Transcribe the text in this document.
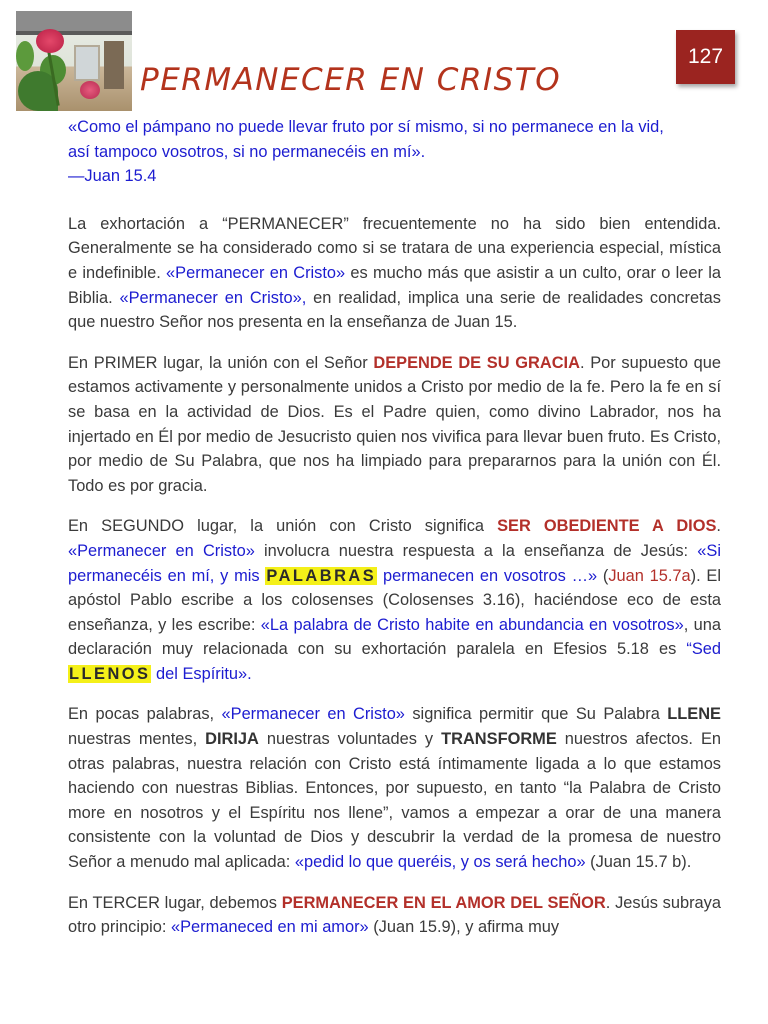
127
PERMANECER EN CRISTO

«Como el pámpano no puede llevar fruto por sí mismo, si no permanece en la vid,
así tampoco vosotros, si no permanecéis en mí».
—Juan 15.4

La exhortación a “PERMANECER” frecuentemente no ha sido bien entendida. Generalmente se ha considerado como si se tratara de una experiencia especial, mística e indefinible. «Permanecer en Cristo» es mucho más que asistir a un culto, orar o leer la Biblia. «Permanecer en Cristo», en realidad, implica una serie de realidades concretas que nuestro Señor nos presenta en la enseñanza de Juan 15.

En PRIMER lugar, la unión con el Señor DEPENDE DE SU GRACIA. Por supuesto que estamos activamente y personalmente unidos a Cristo por medio de la fe. Pero la fe en sí se basa en la actividad de Dios. Es el Padre quien, como divino Labrador, nos ha injertado en Él por medio de Jesucristo quien nos vivifica para llevar buen fruto. Es Cristo, por medio de Su Palabra, que nos ha limpiado para prepararnos para la unión con Él. Todo es por gracia.

En SEGUNDO lugar, la unión con Cristo significa SER OBEDIENTE A DIOS. «Permanecer en Cristo» involucra nuestra respuesta a la enseñanza de Jesús: «Si permanecéis en mí, y mis PALABRAS permanecen en vosotros …» (Juan 15.7a). El apóstol Pablo escribe a los colosenses (Colosenses 3.16), haciéndose eco de esta enseñanza, y les escribe: «La palabra de Cristo habite en abundancia en vosotros», una declaración muy relacionada con su exhortación paralela en Efesios 5.18 es “Sed LLENOS del Espíritu».

En pocas palabras, «Permanecer en Cristo» significa permitir que Su Palabra LLENE nuestras mentes, DIRIJA nuestras voluntades y TRANSFORME nuestros afectos. En otras palabras, nuestra relación con Cristo está íntimamente ligada a lo que estamos haciendo con nuestras Biblias. Entonces, por supuesto, en tanto “la Palabra de Cristo more en nosotros y el Espíritu nos llene”, vamos a empezar a orar de una manera consistente con la voluntad de Dios y descubrir la verdad de la promesa de nuestro Señor a menudo mal aplicada: «pedid lo que queréis, y os será hecho» (Juan 15.7 b).

En TERCER lugar, debemos PERMANECER EN EL AMOR DEL SEÑOR. Jesús subraya otro principio: «Permaneced en mi amor» (Juan 15.9), y afirma muy
